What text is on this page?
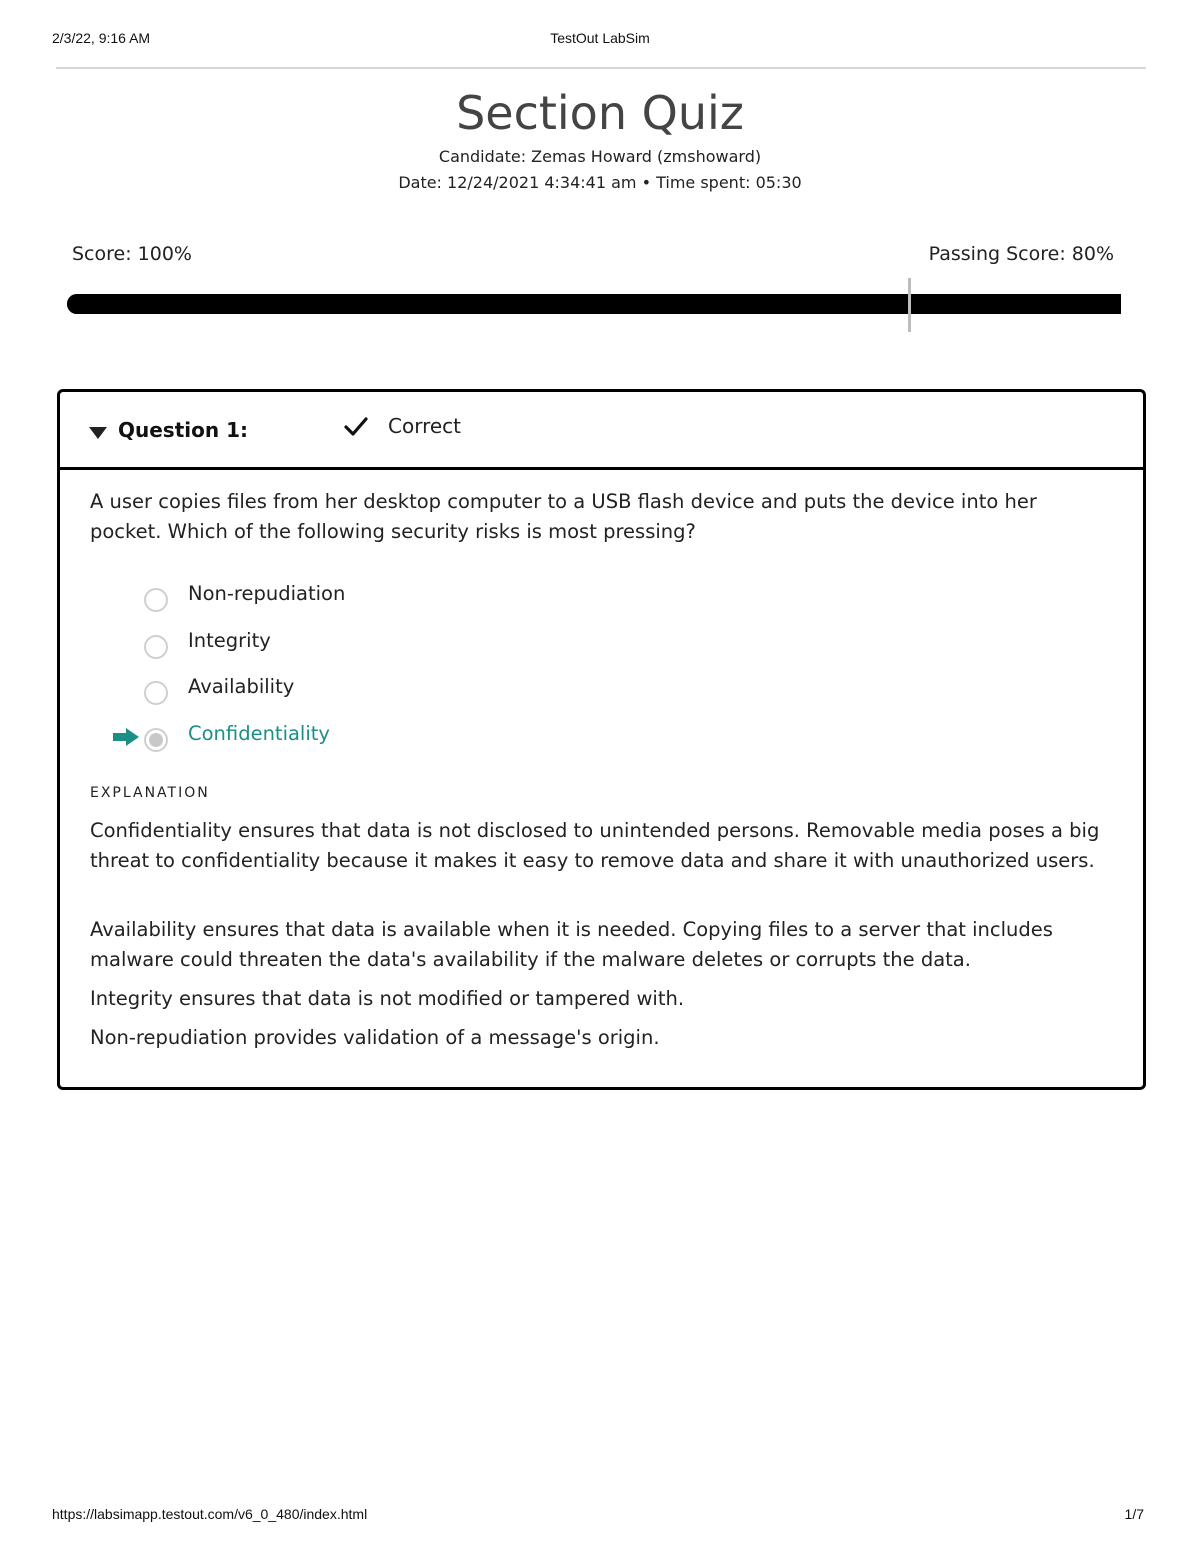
2/3/22, 9:16 AM	TestOut LabSim
Section Quiz
Candidate: Zemas Howard (zmshoward)
Date: 12/24/2021 4:34:41 am • Time spent: 05:30
Score: 100%	Passing Score: 80%
Question 1:	Correct
A user copies files from her desktop computer to a USB flash device and puts the device into her pocket. Which of the following security risks is most pressing?
Non-repudiation
Integrity
Availability
Confidentiality
EXPLANATION

Confidentiality ensures that data is not disclosed to unintended persons. Removable media poses a big threat to confidentiality because it makes it easy to remove data and share it with unauthorized users.

Availability ensures that data is available when it is needed. Copying files to a server that includes malware could threaten the data's availability if the malware deletes or corrupts the data.

Integrity ensures that data is not modified or tampered with.

Non-repudiation provides validation of a message's origin.

https://labsimapp.testout.com/v6_0_480/index.html	1/7
